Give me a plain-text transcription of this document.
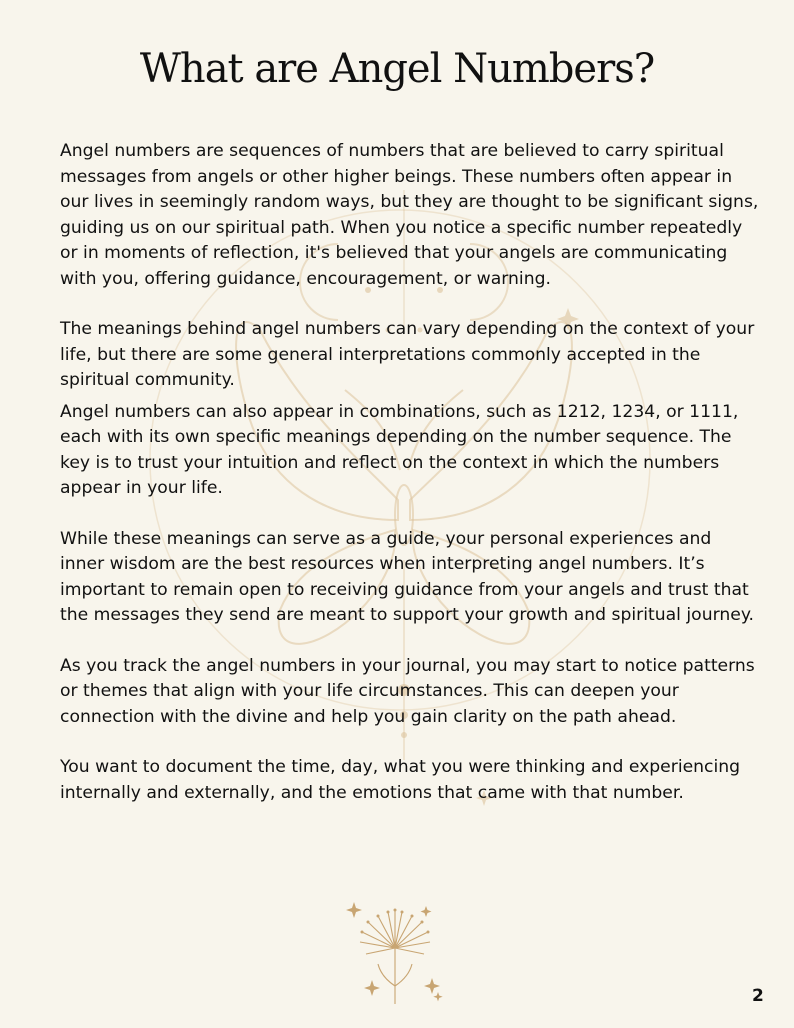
What are Angel Numbers?

Angel numbers are sequences of numbers that are believed to carry spiritual messages from angels or other higher beings. These numbers often appear in our lives in seemingly random ways, but they are thought to be significant signs, guiding us on our spiritual path. When you notice a specific number repeatedly or in moments of reflection, it's believed that your angels are communicating with you, offering guidance, encouragement, or warning.

The meanings behind angel numbers can vary depending on the context of your life, but there are some general interpretations commonly accepted in the spiritual community.

Angel numbers can also appear in combinations, such as 1212, 1234, or 1111, each with its own specific meanings depending on the number sequence. The key is to trust your intuition and reflect on the context in which the numbers appear in your life.

While these meanings can serve as a guide, your personal experiences and inner wisdom are the best resources when interpreting angel numbers. It’s important to remain open to receiving guidance from your angels and trust that the messages they send are meant to support your growth and spiritual journey.

As you track the angel numbers in your journal, you may start to notice patterns or themes that align with your life circumstances. This can deepen your connection with the divine and help you gain clarity on the path ahead.

You want to document the time, day, what you were thinking and experiencing internally and externally, and the emotions that came with that number.

2
